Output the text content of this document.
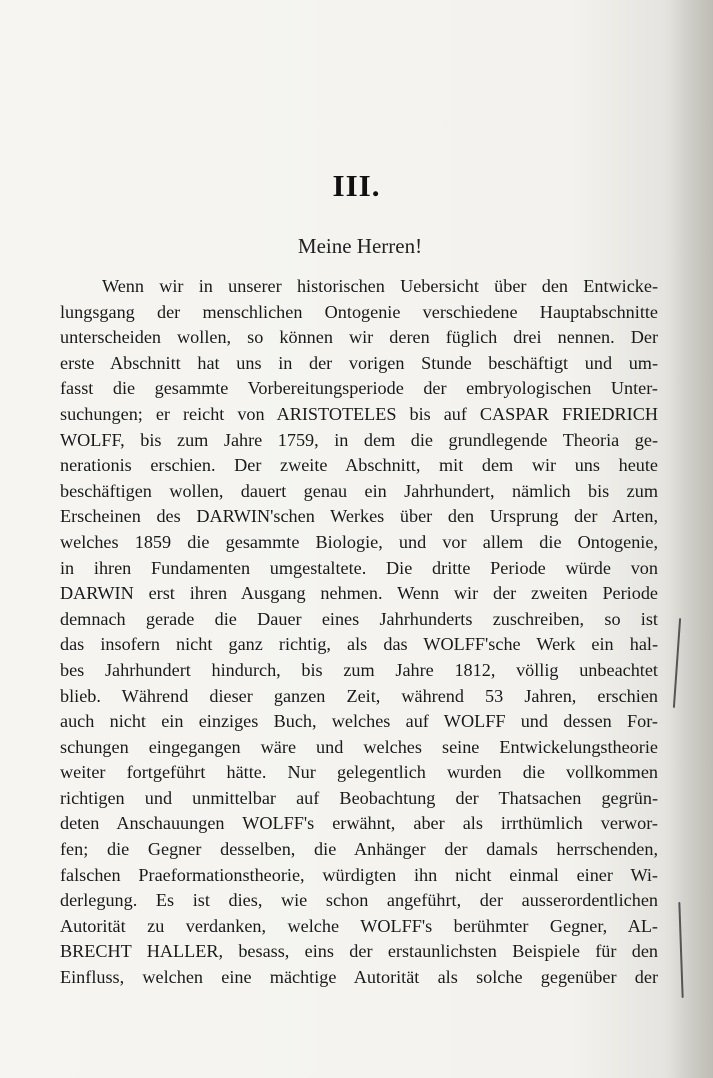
III.
Meine Herren!
Wenn wir in unserer historischen Uebersicht über den Entwicke-
lungsgang der menschlichen Ontogenie verschiedene Hauptabschnitte
unterscheiden wollen, so können wir deren füglich drei nennen. Der
erste Abschnitt hat uns in der vorigen Stunde beschäftigt und um-
fasst die gesammte Vorbereitungsperiode der embryologischen Unter-
suchungen; er reicht von ARISTOTELES bis auf CASPAR FRIEDRICH
WOLFF, bis zum Jahre 1759, in dem die grundlegende Theoria ge-
nerationis erschien. Der zweite Abschnitt, mit dem wir uns heute
beschäftigen wollen, dauert genau ein Jahrhundert, nämlich bis zum
Erscheinen des DARWIN'schen Werkes über den Ursprung der Arten,
welches 1859 die gesammte Biologie, und vor allem die Ontogenie,
in ihren Fundamenten umgestaltete. Die dritte Periode würde von
DARWIN erst ihren Ausgang nehmen. Wenn wir der zweiten Periode
demnach gerade die Dauer eines Jahrhunderts zuschreiben, so ist
das insofern nicht ganz richtig, als das WOLFF'sche Werk ein hal-
bes Jahrhundert hindurch, bis zum Jahre 1812, völlig unbeachtet
blieb. Während dieser ganzen Zeit, während 53 Jahren, erschien
auch nicht ein einziges Buch, welches auf WOLFF und dessen For-
schungen eingegangen wäre und welches seine Entwickelungstheorie
weiter fortgeführt hätte. Nur gelegentlich wurden die vollkommen
richtigen und unmittelbar auf Beobachtung der Thatsachen gegrün-
deten Anschauungen WOLFF's erwähnt, aber als irrthümlich verwor-
fen; die Gegner desselben, die Anhänger der damals herrschenden,
falschen Praeformationstheorie, würdigten ihn nicht einmal einer Wi-
derlegung. Es ist dies, wie schon angeführt, der ausserordentlichen
Autorität zu verdanken, welche WOLFF's berühmter Gegner, AL-
BRECHT HALLER, besass, eins der erstaunlichsten Beispiele für den
Einfluss, welchen eine mächtige Autorität als solche gegenüber der
